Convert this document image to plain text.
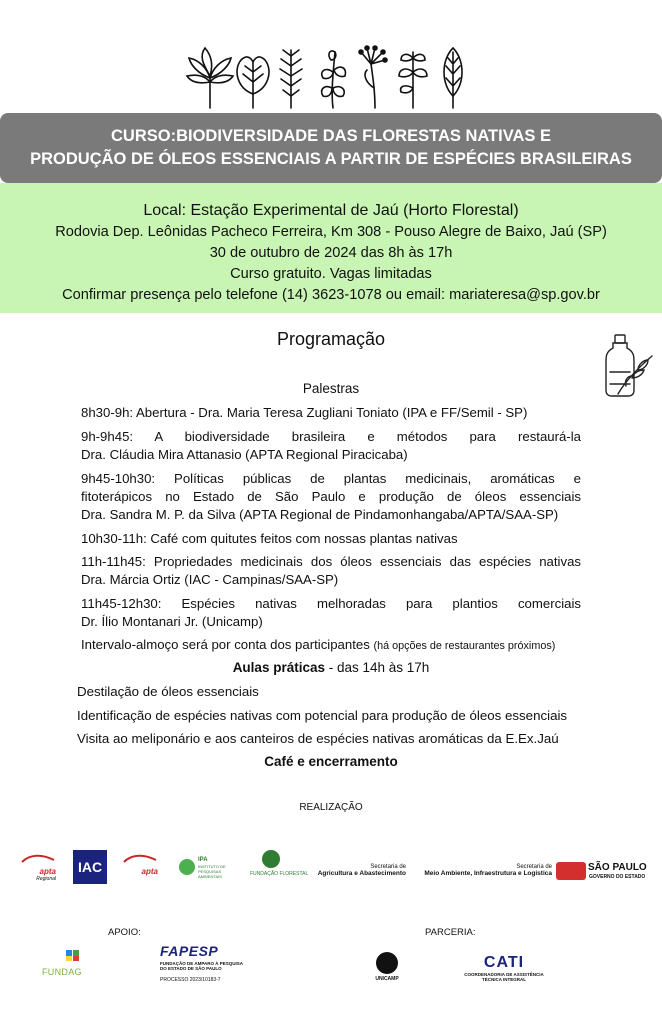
CURSO:BIODIVERSIDADE DAS FLORESTAS NATIVAS E
PRODUÇÃO DE ÓLEOS ESSENCIAIS A PARTIR DE ESPÉCIES BRASILEIRAS
Local: Estação Experimental de Jaú (Horto Florestal)
Rodovia Dep. Leônidas Pacheco Ferreira, Km 308 - Pouso Alegre de Baixo, Jaú (SP)
30 de outubro de 2024 das 8h às 17h
Curso gratuito. Vagas limitadas
Confirmar presença pelo telefone (14) 3623-1078 ou email: mariateresa@sp.gov.br
Programação
Palestras
8h30-9h: Abertura - Dra. Maria Teresa Zugliani Toniato (IPA e FF/Semil - SP)
9h-9h45: A biodiversidade brasileira e métodos para restaurá-la
Dra. Cláudia Mira Attanasio (APTA Regional Piracicaba)
9h45-10h30: Políticas públicas de plantas medicinais, aromáticas e
fitoterápicos no Estado de São Paulo e produção de óleos essenciais
Dra. Sandra M. P. da Silva (APTA Regional de Pindamonhangaba/APTA/SAA-SP)
10h30-11h: Café com quitutes feitos com nossas plantas nativas
11h-11h45: Propriedades medicinais dos óleos essenciais das espécies nativas
Dra. Márcia Ortiz (IAC - Campinas/SAA-SP)
11h45-12h30: Espécies nativas melhoradas para plantios comerciais
Dr. Ílio Montanari Jr. (Unicamp)
Intervalo-almoço será por conta dos participantes (há opções de restaurantes próximos)
Aulas práticas - das 14h às 17h
Destilação de óleos essenciais
Identificação de espécies nativas com potencial para produção de óleos essenciais
Visita ao meliponário e aos canteiros de espécies nativas aromáticas da E.Ex.Jaú
Café e encerramento
REALIZAÇÃO
apta
Regional
IAC	apta
IPA
INSTITUTO DE PESQUISAS AMBIENTAIS	FUNDAÇÃO FLORESTAL
Secretaria de
Agricultura e Abastecimento
Secretaria de
Meio Ambiente, Infraestrutura e Logística
SÃO PAULO
GOVERNO DO ESTADO
APOIO:	PARCERIA:
FUNDAG
FAPESP
FUNDAÇÃO DE AMPARO À PESQUISA
DO ESTADO DE SÃO PAULO
PROCESSO 2023/10183-7	UNICAMP
CATI
COORDENADORIA DE ASSISTÊNCIA
TÉCNICA INTEGRAL
